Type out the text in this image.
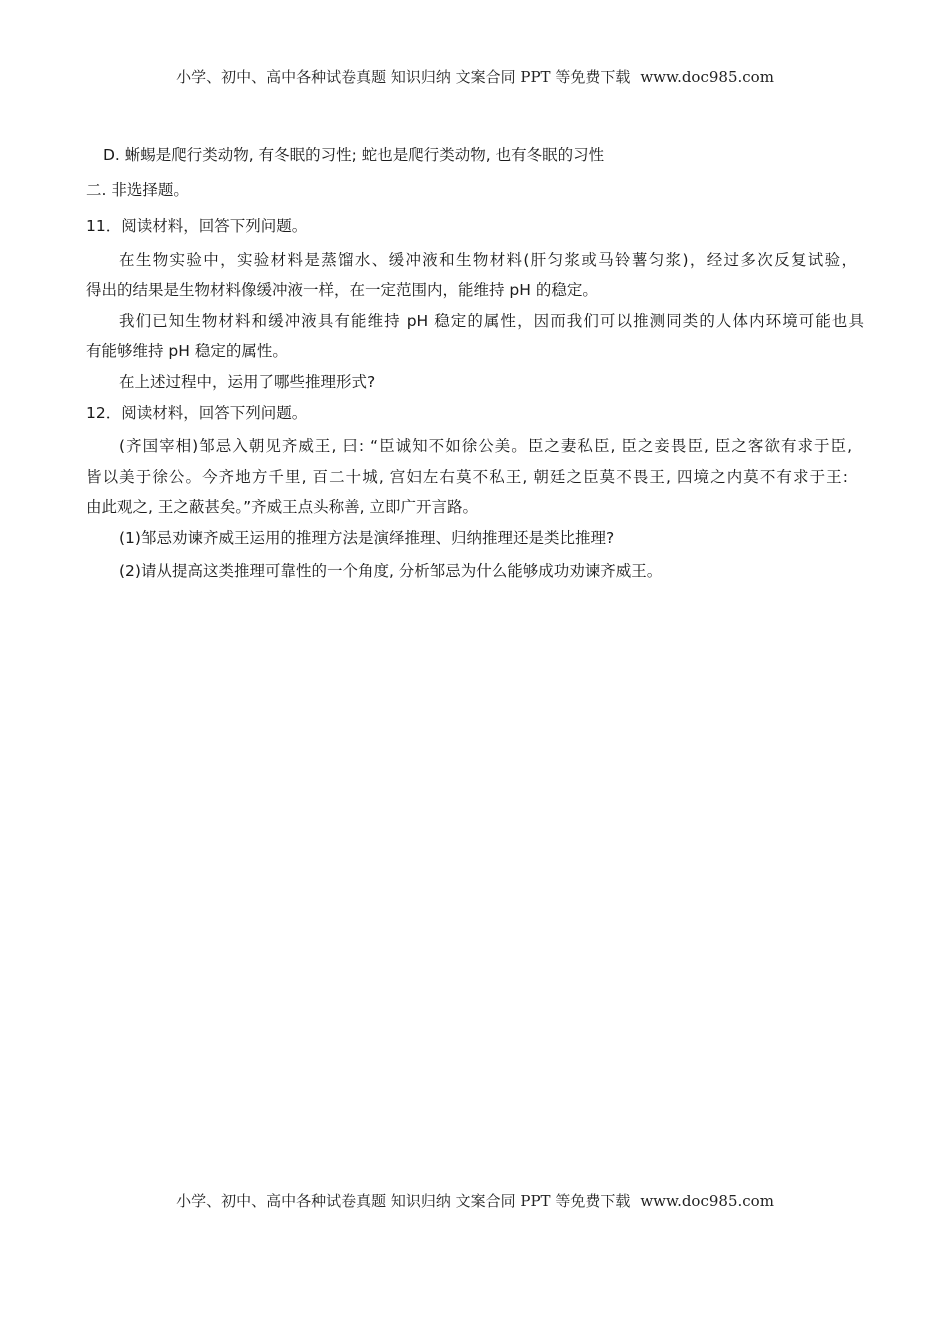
小学、初中、高中各种试卷真题 知识归纳 文案合同 PPT 等免费下载 www.doc985.com
D. 蜥蜴是爬行类动物, 有冬眠的习性; 蛇也是爬行类动物, 也有冬眠的习性
二. 非选择题。
11．阅读材料，回答下列问题。
在生物实验中，实验材料是蒸馏水、缓冲液和生物材料(肝匀浆或马铃薯匀浆)，经过多次反复试验，
得出的结果是生物材料像缓冲液一样，在一定范围内，能维持 pH 的稳定。
我们已知生物材料和缓冲液具有能维持 pH 稳定的属性，因而我们可以推测同类的人体内环境可能也具
有能够维持 pH 稳定的属性。
在上述过程中，运用了哪些推理形式?
12．阅读材料，回答下列问题。
(齐国宰相)邹忌入朝见齐威王, 曰: “臣诚知不如徐公美。臣之妻私臣, 臣之妾畏臣, 臣之客欲有求于臣,
皆以美于徐公。今齐地方千里, 百二十城, 宫妇左右莫不私王, 朝廷之臣莫不畏王, 四境之内莫不有求于王:
由此观之, 王之蔽甚矣。”齐威王点头称善, 立即广开言路。
(1)邹忌劝谏齐威王运用的推理方法是演绎推理、归纳推理还是类比推理?
(2)请从提高这类推理可靠性的一个角度, 分析邹忌为什么能够成功劝谏齐威王。
小学、初中、高中各种试卷真题 知识归纳 文案合同 PPT 等免费下载 www.doc985.com
